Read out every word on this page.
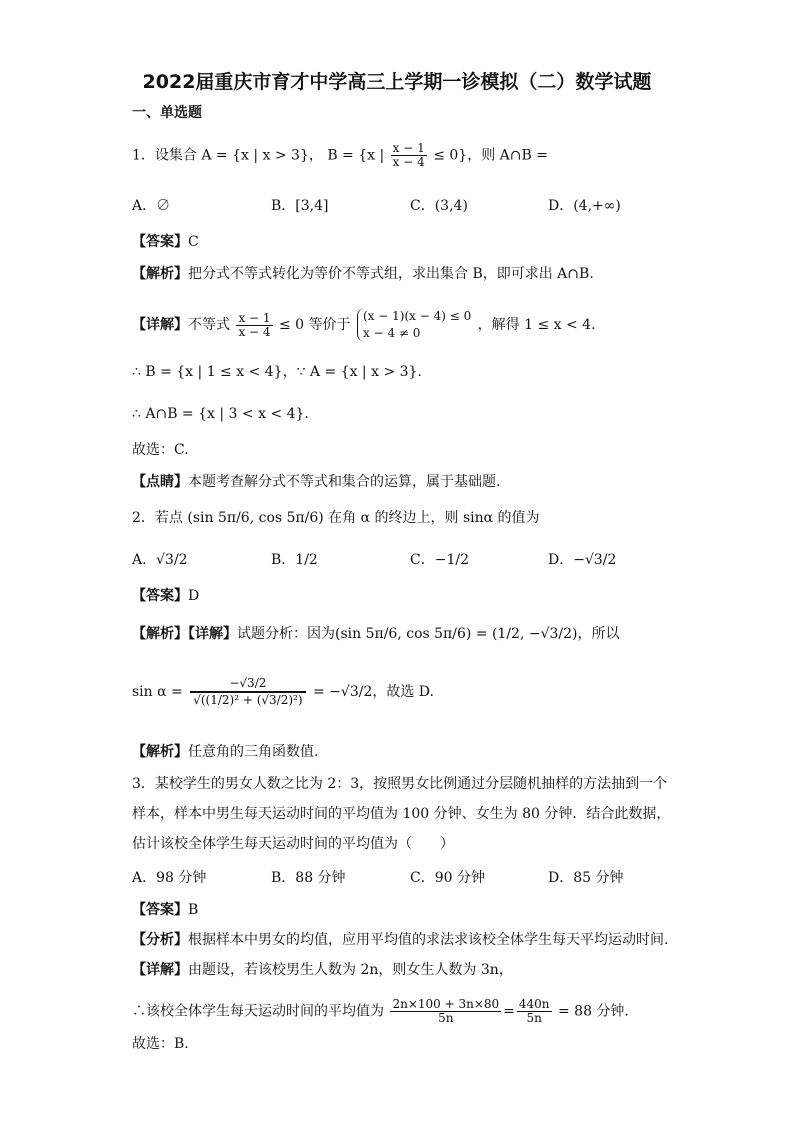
2022届重庆市育才中学高三上学期一诊模拟（二）数学试题
一、单选题
1．设集合 A = {x | x > 3}， B = {x | $\frac{x - 1}{x - 4} \le 0$}，则 A∩B =
A．∅	B．[3,4]	C．(3,4)	D．(4,+∞)
【答案】C
【解析】把分式不等式转化为等价不等式组，求出集合 B，即可求出 A∩B.
【详解】不等式 $\frac{x - 1}{x - 4} \le 0$ 等价于
(x − 1)(x − 4) ≤ 0
x − 4 ≠ 0	，解得 1 ≤ x < 4.
∴ B = {x | 1 ≤ x < 4}，∵ A = {x | x > 3}.
∴ A∩B = {x | 3 < x < 4}.
故选：C.
【点睛】本题考查解分式不等式和集合的运算，属于基础题.
2．若点 (sin 5π/6, cos 5π/6) 在角 α 的终边上，则 sinα 的值为
A．√3/2	B．1/2	C．−1/2	D．−√3/2
【答案】D
【解析】【详解】试题分析：因为(sin 5π/6, cos 5π/6) = (1/2, −√3/2)，所以
$\sin \alpha = \frac{-√3/2}{\text{√((1/2)² + (√3/2)²)}} = -√3/2$，故选 D.
【解析】任意角的三角函数值.
3．某校学生的男女人数之比为 2：3，按照男女比例通过分层随机抽样的方法抽到一个
样本，样本中男生每天运动时间的平均值为 100 分钟、女生为 80 分钟．结合此数据，
估计该校全体学生每天运动时间的平均值为（　　）
A．98 分钟	B．88 分钟	C．90 分钟	D．85 分钟
【答案】B
【分析】根据样本中男女的均值，应用平均值的求法求该校全体学生每天平均运动时间.
【详解】由题设，若该校男生人数为 2n，则女生人数为 3n，
∴该校全体学生每天运动时间的平均值为 $\frac{2n\times 100 + 3n\times 80}{5n} = \frac{440n}{5n} = 88$ 分钟.
故选：B.
